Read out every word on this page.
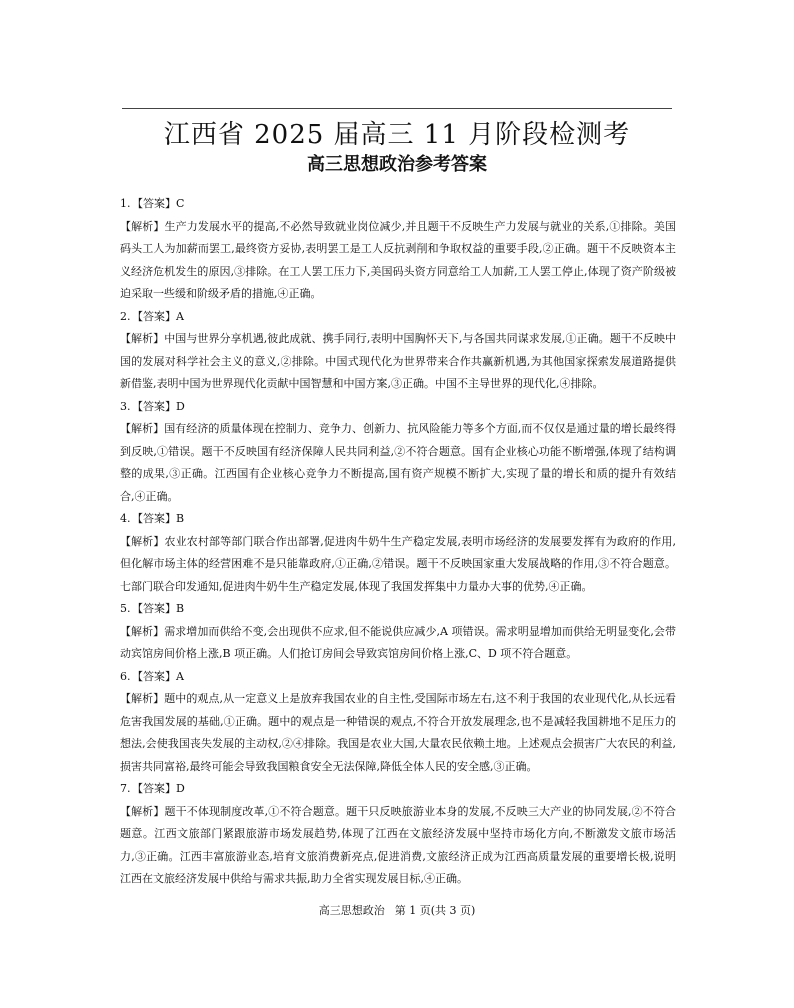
江西省 2025 届高三 11 月阶段检测考
高三思想政治参考答案

1. 【答案】C

【解析】生产力发展水平的提高,不必然导致就业岗位减少,并且题干不反映生产力发展与就业的关系,①排除。美国码头工人为加薪而罢工,最终资方妥协,表明罢工是工人反抗剥削和争取权益的重要手段,②正确。题干不反映资本主义经济危机发生的原因,③排除。在工人罢工压力下,美国码头资方同意给工人加薪,工人罢工停止,体现了资产阶级被迫采取一些缓和阶级矛盾的措施,④正确。

2. 【答案】A

【解析】中国与世界分享机遇,彼此成就、携手同行,表明中国胸怀天下,与各国共同谋求发展,①正确。题干不反映中国的发展对科学社会主义的意义,②排除。中国式现代化为世界带来合作共赢新机遇,为其他国家探索发展道路提供新借鉴,表明中国为世界现代化贡献中国智慧和中国方案,③正确。中国不主导世界的现代化,④排除。

3. 【答案】D

【解析】国有经济的质量体现在控制力、竞争力、创新力、抗风险能力等多个方面,而不仅仅是通过量的增长最终得到反映,①错误。题干不反映国有经济保障人民共同利益,②不符合题意。国有企业核心功能不断增强,体现了结构调整的成果,③正确。江西国有企业核心竞争力不断提高,国有资产规模不断扩大,实现了量的增长和质的提升有效结合,④正确。

4. 【答案】B

【解析】农业农村部等部门联合作出部署,促进肉牛奶牛生产稳定发展,表明市场经济的发展要发挥有为政府的作用,但化解市场主体的经营困难不是只能靠政府,①正确,②错误。题干不反映国家重大发展战略的作用,③不符合题意。七部门联合印发通知,促进肉牛奶牛生产稳定发展,体现了我国发挥集中力量办大事的优势,④正确。

5. 【答案】B

【解析】需求增加而供给不变,会出现供不应求,但不能说供应减少,A 项错误。需求明显增加而供给无明显变化,会带动宾馆房间价格上涨,B 项正确。人们抢订房间会导致宾馆房间价格上涨,C、D 项不符合题意。

6. 【答案】A

【解析】题中的观点,从一定意义上是放弃我国农业的自主性,受国际市场左右,这不利于我国的农业现代化,从长远看危害我国发展的基础,①正确。题中的观点是一种错误的观点,不符合开放发展理念,也不是减轻我国耕地不足压力的想法,会使我国丧失发展的主动权,②④排除。我国是农业大国,大量农民依赖土地。上述观点会损害广大农民的利益,损害共同富裕,最终可能会导致我国粮食安全无法保障,降低全体人民的安全感,③正确。

7. 【答案】D

【解析】题干不体现制度改革,①不符合题意。题干只反映旅游业本身的发展,不反映三大产业的协同发展,②不符合题意。江西文旅部门紧跟旅游市场发展趋势,体现了江西在文旅经济发展中坚持市场化方向,不断激发文旅市场活力,③正确。江西丰富旅游业态,培育文旅消费新亮点,促进消费,文旅经济正成为江西高质量发展的重要增长极,说明江西在文旅经济发展中供给与需求共振,助力全省实现发展目标,④正确。

高三思想政治 第 1 页(共 3 页)
